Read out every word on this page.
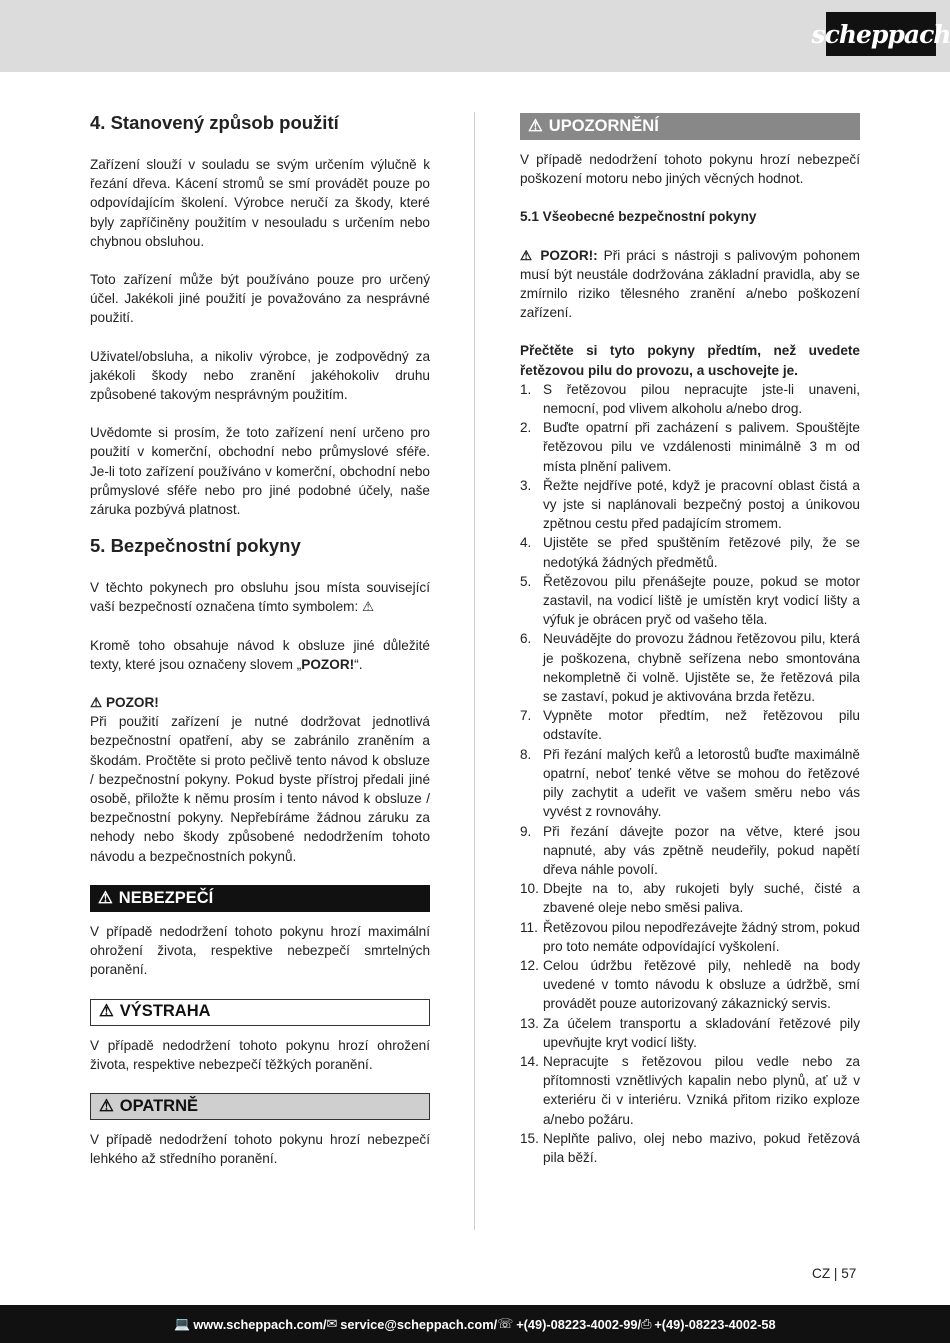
scheppach
4. Stanovený způsob použití

Zařízení slouží v souladu se svým určením výlučně k řezání dřeva. Kácení stromů se smí provádět pouze po odpovídajícím školení. Výrobce neručí za škody, které byly zapříčiněny použitím v nesouladu s určením nebo chybnou obsluhou.

Toto zařízení může být používáno pouze pro určený účel. Jakékoli jiné použití je považováno za nesprávné použití.

Uživatel/obsluha, a nikoliv výrobce, je zodpovědný za jakékoli škody nebo zranění jakéhokoliv druhu způsobené takovým nesprávným použitím.

Uvědomte si prosím, že toto zařízení není určeno pro použití v komerční, obchodní nebo průmyslové sféře. Je-li toto zařízení používáno v komerční, obchodní nebo průmyslové sféře nebo pro jiné podobné účely, naše záruka pozbývá platnost.

5. Bezpečnostní pokyny

V těchto pokynech pro obsluhu jsou místa související vaší bezpečností označena tímto symbolem: ⚠

Kromě toho obsahuje návod k obsluze jiné důležité texty, které jsou označeny slovem „POZOR!“.

⚠ POZOR!

Při použití zařízení je nutné dodržovat jednotlivá bezpečnostní opatření, aby se zabránilo zraněním a škodám. Pročtěte si proto pečlivě tento návod k obsluze / bezpečnostní pokyny. Pokud byste přístroj předali jiné osobě, přiložte k němu prosím i tento návod k obsluze / bezpečnostní pokyny. Nepřebíráme žádnou záruku za nehody nebo škody způsobené nedodržením tohoto návodu a bezpečnostních pokynů.

⚠ NEBEZPEČÍ

V případě nedodržení tohoto pokynu hrozí maximální ohrožení života, respektive nebezpečí smrtelných poranění.

⚠ VÝSTRAHA

V případě nedodržení tohoto pokynu hrozí ohrožení života, respektive nebezpečí těžkých poranění.

⚠ OPATRNĚ

V případě nedodržení tohoto pokynu hrozí nebezpečí lehkého až středního poranění.

⚠ UPOZORNĚNÍ

V případě nedodržení tohoto pokynu hrozí nebezpečí poškození motoru nebo jiných věcných hodnot.

5.1 Všeobecné bezpečnostní pokyny

⚠ POZOR!: Při práci s nástroji s palivovým pohonem musí být neustále dodržována základní pravidla, aby se zmírnilo riziko tělesného zranění a/nebo poškození zařízení.

Přečtěte si tyto pokyny předtím, než uvedete řetězovou pilu do provozu, a uschovejte je.

1. S řetězovou pilou nepracujte jste-li unaveni, nemocní, pod vlivem alkoholu a/nebo drog.
2. Buďte opatrní při zacházení s palivem. Spouštějte řetězovou pilu ve vzdálenosti minimálně 3 m od místa plnění palivem.
3. Řežte nejdříve poté, když je pracovní oblast čistá a vy jste si naplánovali bezpečný postoj a únikovou zpětnou cestu před padajícím stromem.
4. Ujistěte se před spuštěním řetězové pily, že se nedotýká žádných předmětů.
5. Řetězovou pilu přenášejte pouze, pokud se motor zastavil, na vodicí liště je umístěn kryt vodicí lišty a výfuk je obrácen pryč od vašeho těla.
6. Neuvádějte do provozu žádnou řetězovou pilu, která je poškozena, chybně seřízena nebo smontována nekompletně či volně. Ujistěte se, že řetězová pila se zastaví, pokud je aktivována brzda řetězu.
7. Vypněte motor předtím, než řetězovou pilu odstavíte.
8. Při řezání malých keřů a letorostů buďte maximálně opatrní, neboť tenké větve se mohou do řetězové pily zachytit a udeřit ve vašem směru nebo vás vyvést z rovnováhy.
9. Při řezání dávejte pozor na větve, které jsou napnuté, aby vás zpětně neudeřily, pokud napětí dřeva náhle povolí.
10. Dbejte na to, aby rukojeti byly suché, čisté a zbavené oleje nebo směsi paliva.
11. Řetězovou pilou nepodřezávejte žádný strom, pokud pro toto nemáte odpovídající vyškolení.
12. Celou údržbu řetězové pily, nehledě na body uvedené v tomto návodu k obsluze a údržbě, smí provádět pouze autorizovaný zákaznický servis.
13. Za účelem transportu a skladování řetězové pily upevňujte kryt vodicí lišty.
14. Nepracujte s řetězovou pilou vedle nebo za přítomnosti vznětlivých kapalin nebo plynů, ať už v exteriéru či v interiéru. Vzniká přitom riziko exploze a/nebo požáru.
15. Neplňte palivo, olej nebo mazivo, pokud řetězová pila běží.
CZ | 57
💻 www.scheppach.com / ✉ service@scheppach.com / ☏ +(49)-08223-4002-99 / ⎙ +(49)-08223-4002-58
